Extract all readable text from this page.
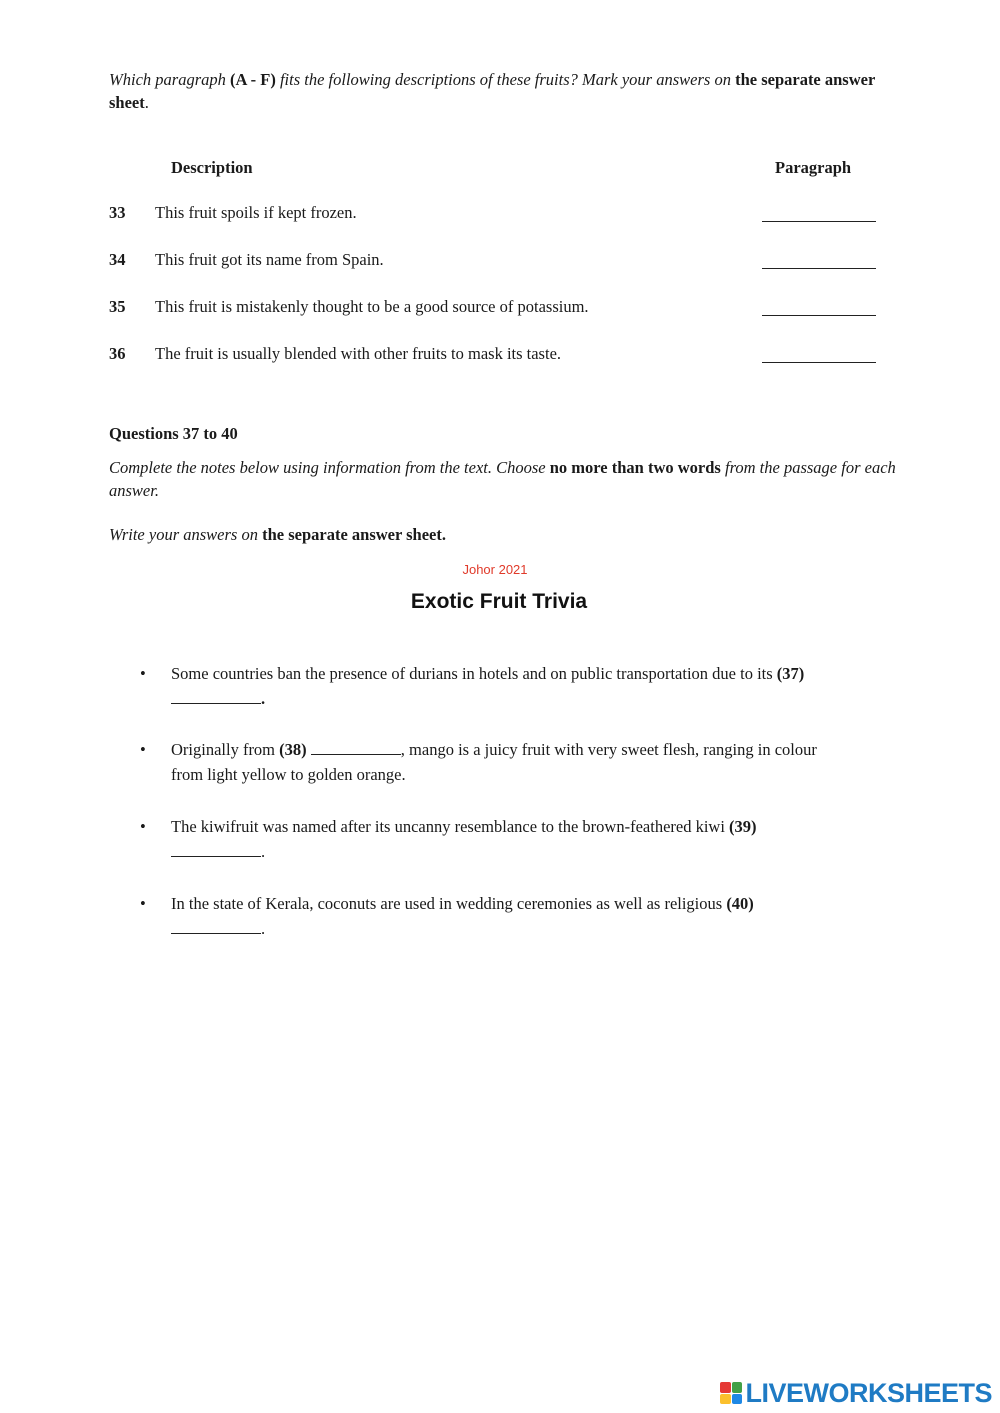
Which paragraph (A - F) fits the following descriptions of these fruits? Mark your answers on the separate answer sheet.
Description	Paragraph
33 This fruit spoils if kept frozen.
34 This fruit got its name from Spain.
35 This fruit is mistakenly thought to be a good source of potassium.
36 The fruit is usually blended with other fruits to mask its taste.
Questions 37 to 40
Complete the notes below using information from the text. Choose no more than two words from the passage for each answer.
Write your answers on the separate answer sheet.
Johor 2021
Exotic Fruit Trivia
• Some countries ban the presence of durians in hotels and on public transportation due to its (37) .
• Originally from (38)	, mango is a juicy fruit with very sweet flesh, ranging in colour from light yellow to golden orange.
• The kiwifruit was named after its uncanny resemblance to the brown-feathered kiwi (39) .
• In the state of Kerala, coconuts are used in wedding ceremonies as well as religious (40) .
LIVEWORKSHEETS
